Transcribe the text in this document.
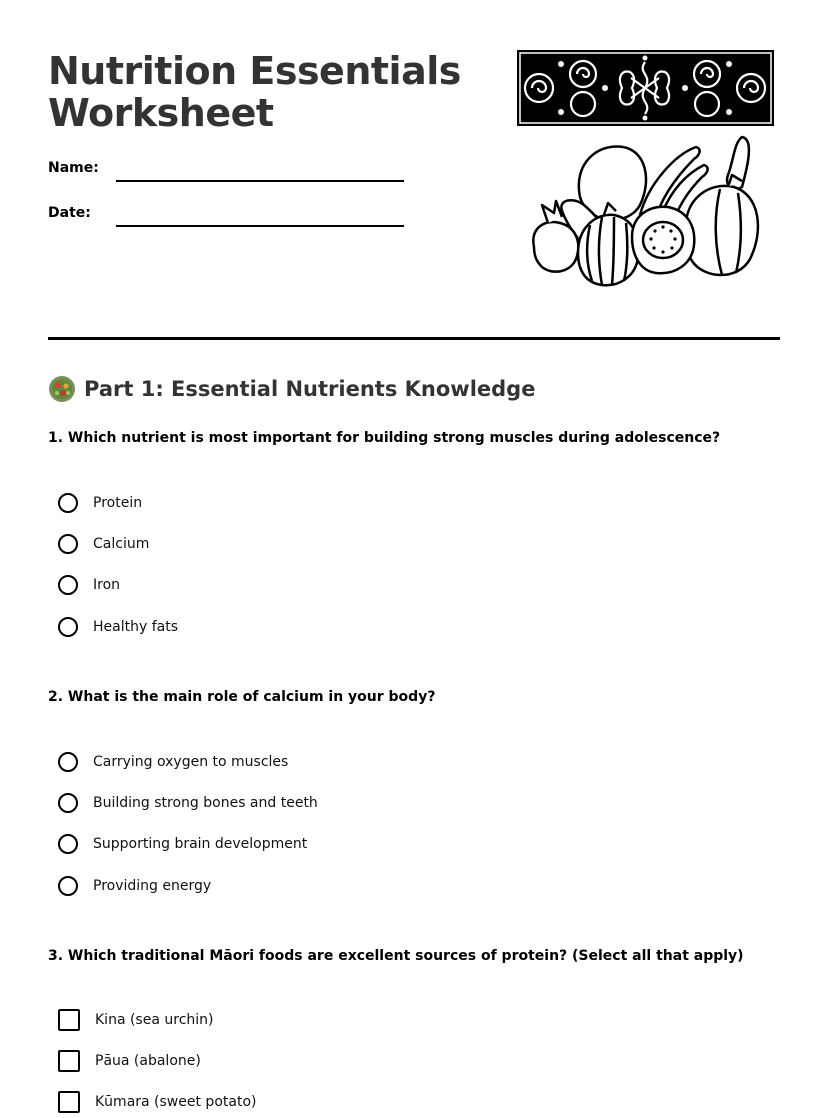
Nutrition Essentials
Worksheet
Name:
Date:
Part 1: Essential Nutrients Knowledge

1. Which nutrient is most important for building strong muscles during adolescence?

Protein
Calcium
Iron
Healthy fats

2. What is the main role of calcium in your body?

Carrying oxygen to muscles
Building strong bones and teeth
Supporting brain development
Providing energy

3. Which traditional Māori foods are excellent sources of protein? (Select all that apply)

Kina (sea urchin)
Pāua (abalone)
Kūmara (sweet potato)
